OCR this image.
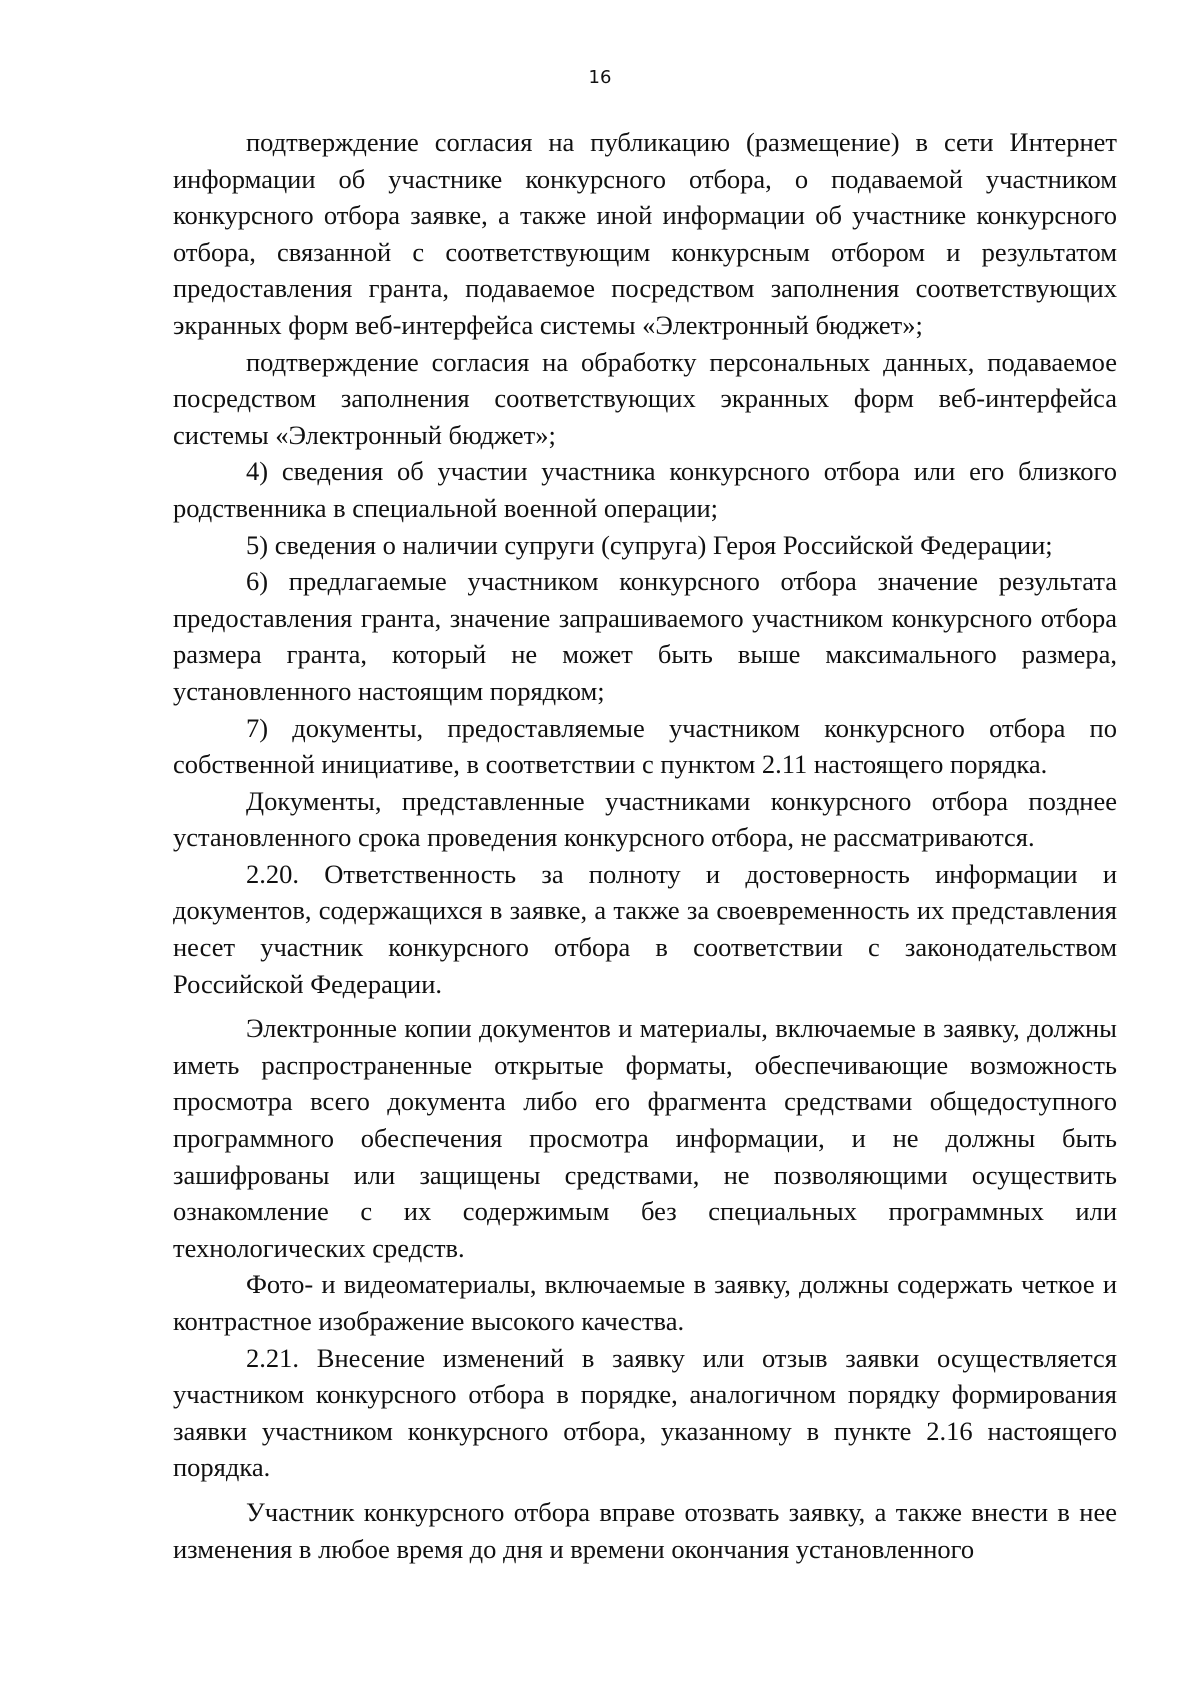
16

подтверждение согласия на публикацию (размещение) в сети Интернет информации об участнике конкурсного отбора, о подаваемой участником конкурсного отбора заявке, а также иной информации об участнике конкурсного отбора, связанной с соответствующим конкурсным отбором и результатом предоставления гранта, подаваемое посредством заполнения соответствующих экранных форм веб-интерфейса системы «Электронный бюджет»;

подтверждение согласия на обработку персональных данных, подаваемое посредством заполнения соответствующих экранных форм веб-интерфейса системы «Электронный бюджет»;

4) сведения об участии участника конкурсного отбора или его близкого родственника в специальной военной операции;

5) сведения о наличии супруги (супруга) Героя Российской Федерации;

6) предлагаемые участником конкурсного отбора значение результата предоставления гранта, значение запрашиваемого участником конкурсного отбора размера гранта, который не может быть выше максимального размера, установленного настоящим порядком;

7) документы, предоставляемые участником конкурсного отбора по собственной инициативе, в соответствии с пунктом 2.11 настоящего порядка.

Документы, представленные участниками конкурсного отбора позднее установленного срока проведения конкурсного отбора, не рассматриваются.

2.20. Ответственность за полноту и достоверность информации и документов, содержащихся в заявке, а также за своевременность их представления несет участник конкурсного отбора в соответствии с законодательством Российской Федерации.

Электронные копии документов и материалы, включаемые в заявку, должны иметь распространенные открытые форматы, обеспечивающие возможность просмотра всего документа либо его фрагмента средствами общедоступного программного обеспечения просмотра информации, и не должны быть зашифрованы или защищены средствами, не позволяющими осуществить ознакомление с их содержимым без специальных программных или технологических средств.

Фото- и видеоматериалы, включаемые в заявку, должны содержать четкое и контрастное изображение высокого качества.

2.21. Внесение изменений в заявку или отзыв заявки осуществляется участником конкурсного отбора в порядке, аналогичном порядку формирования заявки участником конкурсного отбора, указанному в пункте 2.16 настоящего порядка.

Участник конкурсного отбора вправе отозвать заявку, а также внести в нее изменения в любое время до дня и времени окончания установленного
